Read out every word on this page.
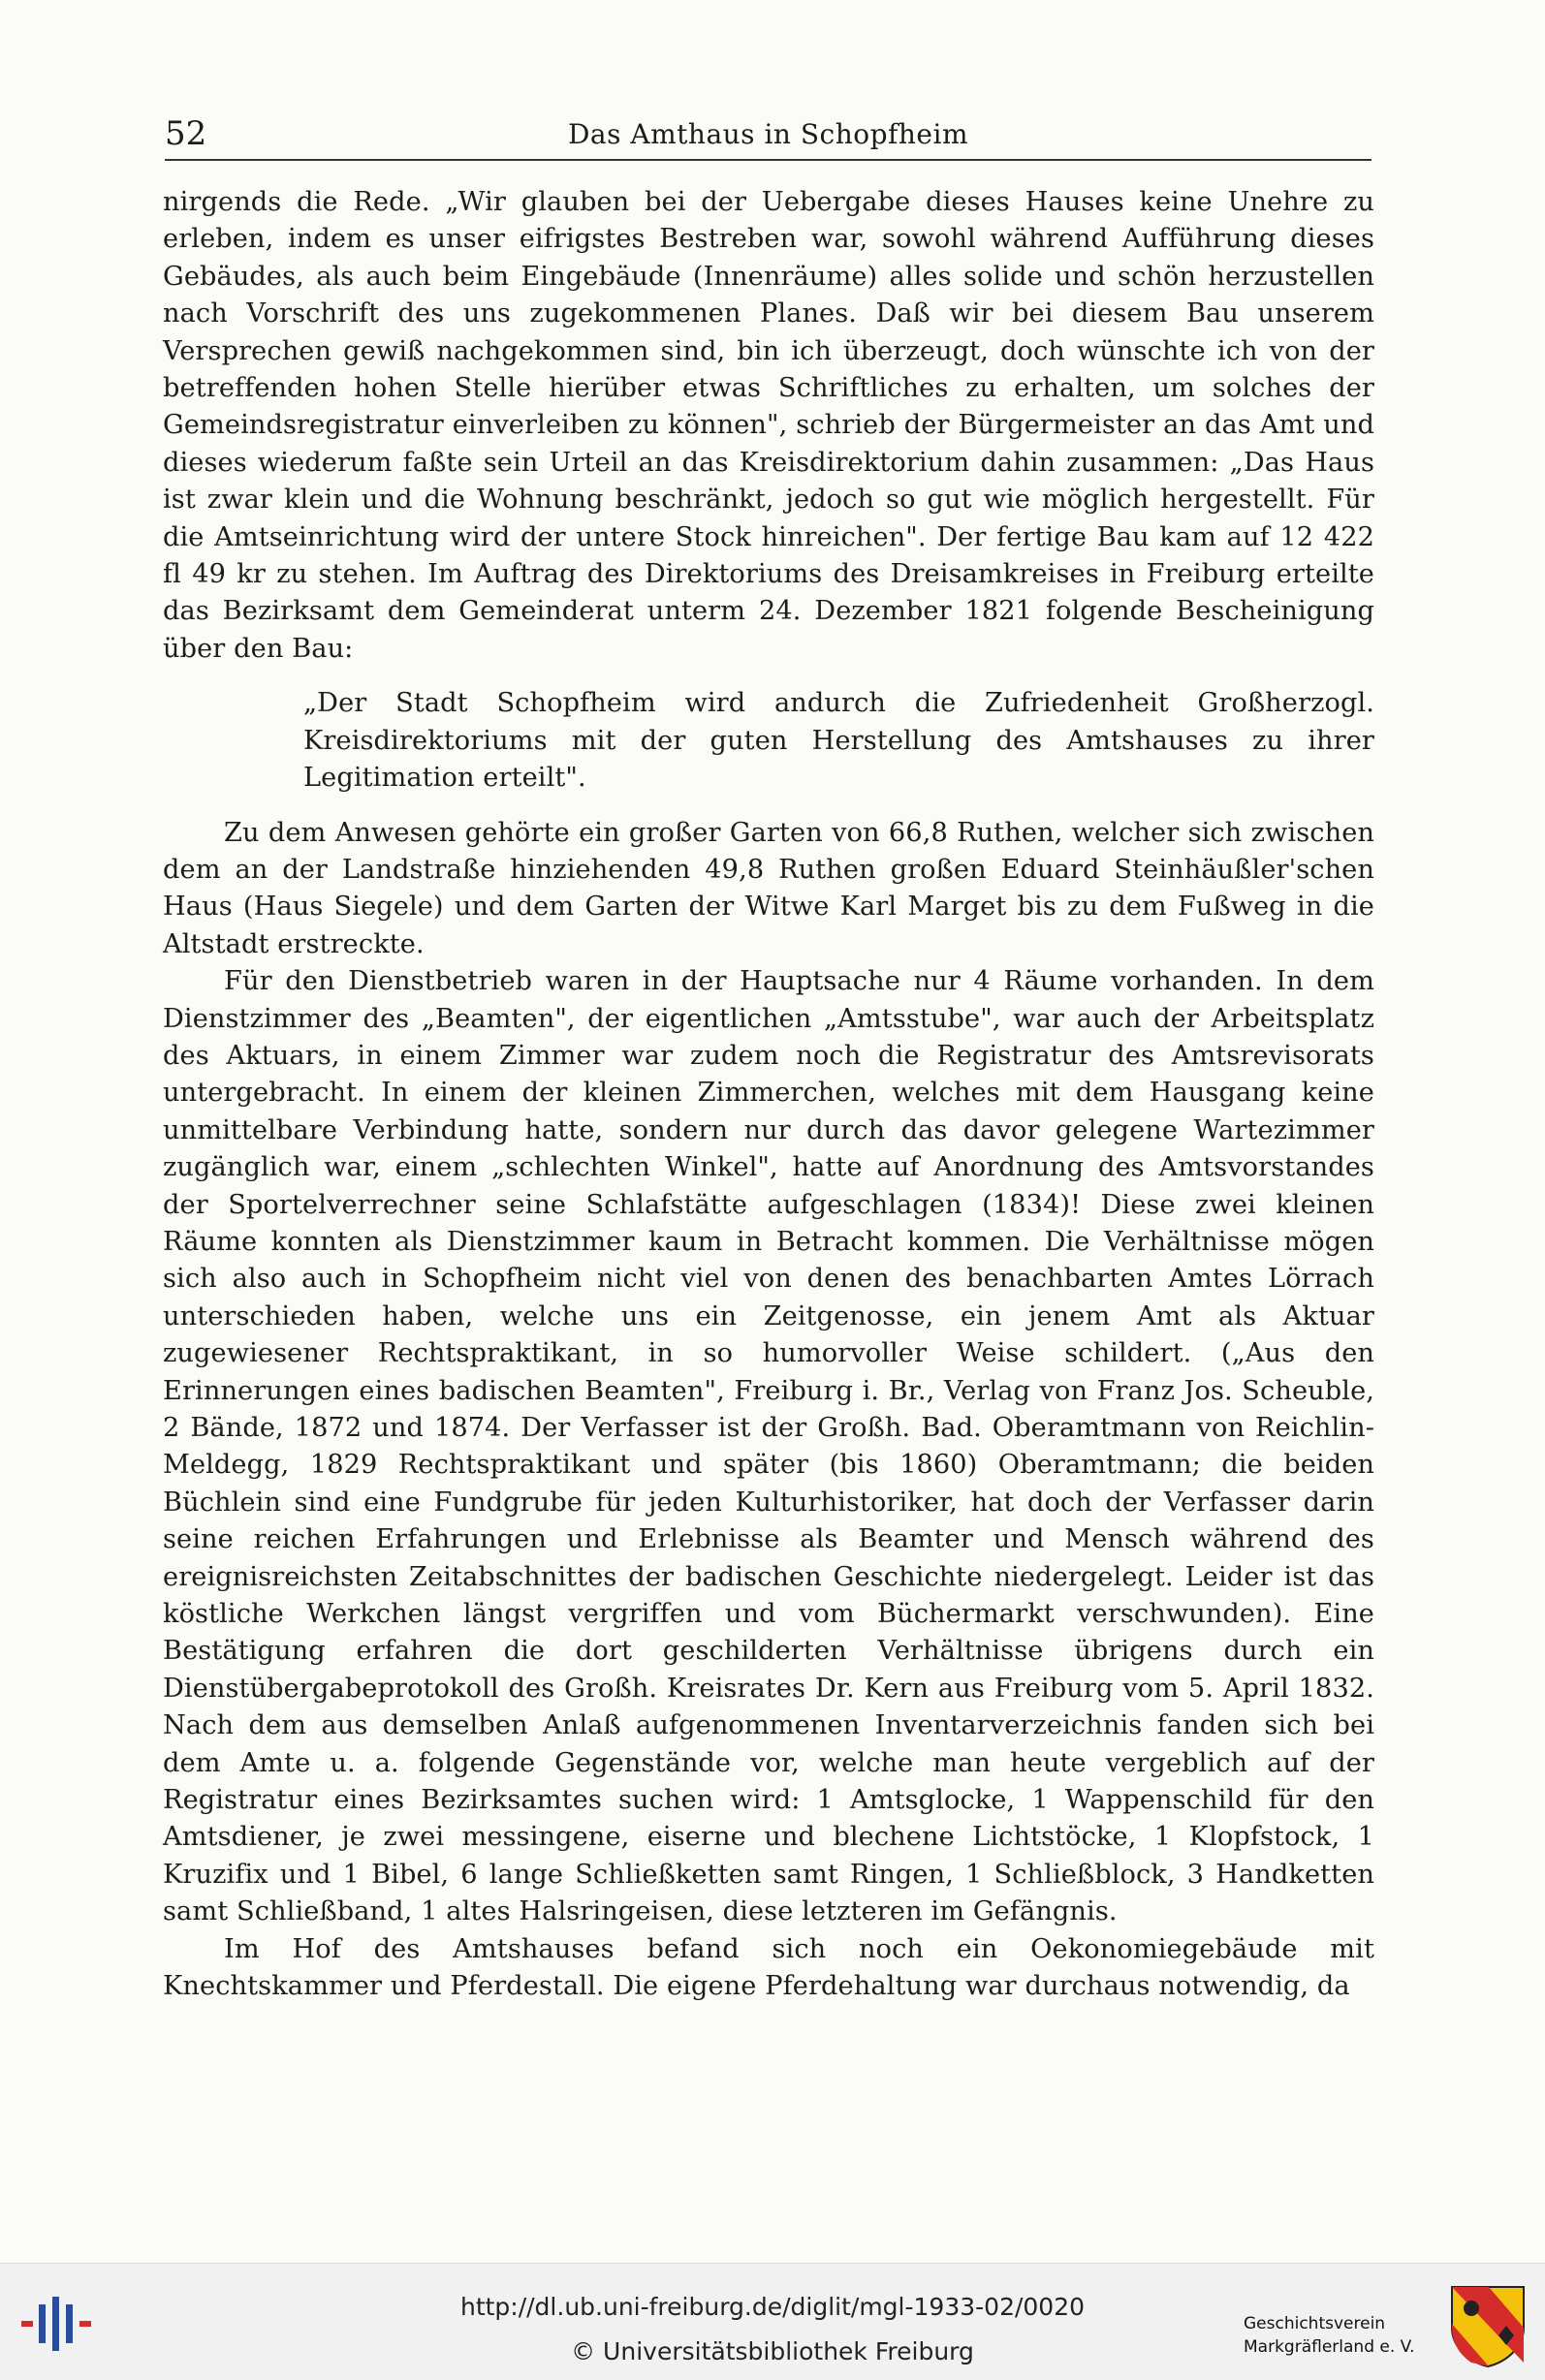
52	Das Amthaus in Schopfheim

nirgends die Rede. „Wir glauben bei der Uebergabe dieses Hauses keine Unehre zu erleben, indem es unser eifrigstes Bestreben war, sowohl während Aufführung dieses Gebäudes, als auch beim Eingebäude (Innenräume) alles solide und schön herzustellen nach Vorschrift des uns zugekommenen Planes. Daß wir bei diesem Bau unserem Versprechen gewiß nachgekommen sind, bin ich überzeugt, doch wünschte ich von der betreffenden hohen Stelle hierüber etwas Schriftliches zu erhalten, um solches der Gemeindsregistratur einverleiben zu können", schrieb der Bürgermeister an das Amt und dieses wiederum faßte sein Urteil an das Kreisdirektorium dahin zusammen: „Das Haus ist zwar klein und die Wohnung beschränkt, jedoch so gut wie möglich hergestellt. Für die Amtseinrichtung wird der untere Stock hinreichen". Der fertige Bau kam auf 12 422 fl 49 kr zu stehen. Im Auftrag des Direktoriums des Dreisamkreises in Freiburg erteilte das Bezirksamt dem Gemeinderat unterm 24. Dezember 1821 folgende Bescheinigung über den Bau:

„Der Stadt Schopfheim wird andurch die Zufriedenheit Großherzogl. Kreisdirektoriums mit der guten Herstellung des Amtshauses zu ihrer Legitimation erteilt".

Zu dem Anwesen gehörte ein großer Garten von 66,8 Ruthen, welcher sich zwischen dem an der Landstraße hinziehenden 49,8 Ruthen großen Eduard Steinhäußler'schen Haus (Haus Siegele) und dem Garten der Witwe Karl Marget bis zu dem Fußweg in die Altstadt erstreckte.

Für den Dienstbetrieb waren in der Hauptsache nur 4 Räume vorhanden. In dem Dienstzimmer des „Beamten", der eigentlichen „Amtsstube", war auch der Arbeitsplatz des Aktuars, in einem Zimmer war zudem noch die Registratur des Amtsrevisorats untergebracht. In einem der kleinen Zimmerchen, welches mit dem Hausgang keine unmittelbare Verbindung hatte, sondern nur durch das davor gelegene Wartezimmer zugänglich war, einem „schlechten Winkel", hatte auf Anordnung des Amtsvorstandes der Sportelverrechner seine Schlafstätte aufgeschlagen (1834)! Diese zwei kleinen Räume konnten als Dienstzimmer kaum in Betracht kommen. Die Verhältnisse mögen sich also auch in Schopfheim nicht viel von denen des benachbarten Amtes Lörrach unterschieden haben, welche uns ein Zeitgenosse, ein jenem Amt als Aktuar zugewiesener Rechtspraktikant, in so humorvoller Weise schildert. („Aus den Erinnerungen eines badischen Beamten", Freiburg i. Br., Verlag von Franz Jos. Scheuble, 2 Bände, 1872 und 1874. Der Verfasser ist der Großh. Bad. Oberamtmann von Reichlin-Meldegg, 1829 Rechtspraktikant und später (bis 1860) Oberamtmann; die beiden Büchlein sind eine Fundgrube für jeden Kulturhistoriker, hat doch der Verfasser darin seine reichen Erfahrungen und Erlebnisse als Beamter und Mensch während des ereignisreichsten Zeitabschnittes der badischen Geschichte niedergelegt. Leider ist das köstliche Werkchen längst vergriffen und vom Büchermarkt verschwunden). Eine Bestätigung erfahren die dort geschilderten Verhältnisse übrigens durch ein Dienstübergabeprotokoll des Großh. Kreisrates Dr. Kern aus Freiburg vom 5. April 1832. Nach dem aus demselben Anlaß aufgenommenen Inventarverzeichnis fanden sich bei dem Amte u. a. folgende Gegenstände vor, welche man heute vergeblich auf der Registratur eines Bezirksamtes suchen wird: 1 Amtsglocke, 1 Wappenschild für den Amtsdiener, je zwei messingene, eiserne und blechene Lichtstöcke, 1 Klopfstock, 1 Kruzifix und 1 Bibel, 6 lange Schließketten samt Ringen, 1 Schließblock, 3 Handketten samt Schließband, 1 altes Halsringeisen, diese letzteren im Gefängnis.

Im Hof des Amtshauses befand sich noch ein Oekonomiegebäude mit Knechtskammer und Pferdestall. Die eigene Pferdehaltung war durchaus notwendig, da

http://dl.ub.uni-freiburg.de/diglit/mgl-1933-02/0020
© Universitätsbibliothek Freiburg
Geschichtsverein
Markgräflerland e. V.
